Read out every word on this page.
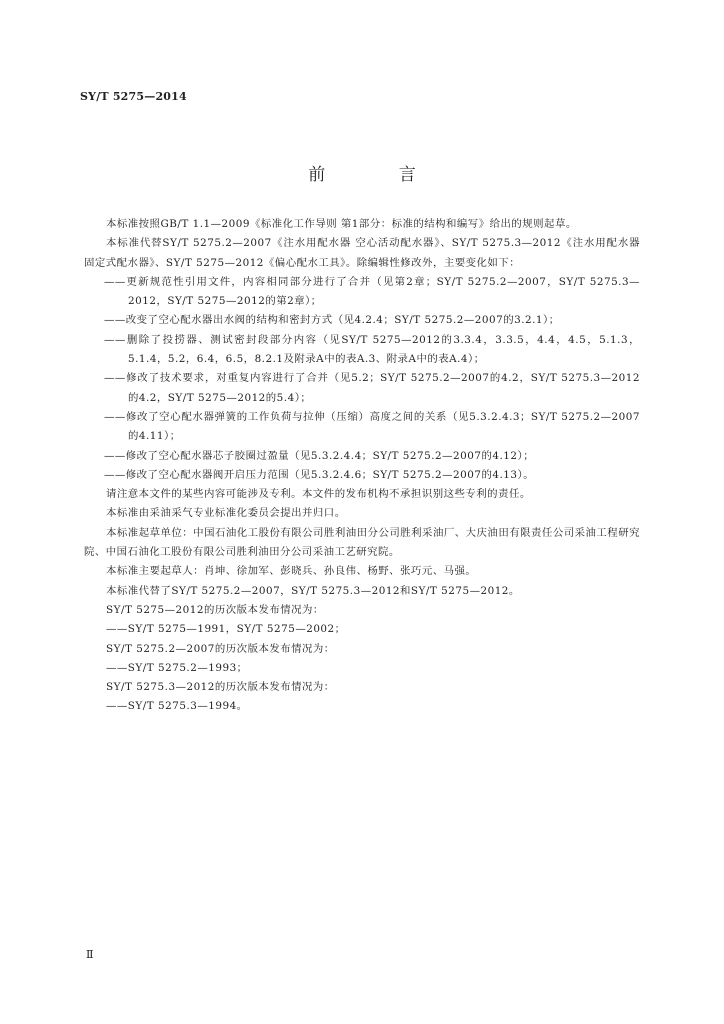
SY/T 5275—2014
前 言

本标准按照GB/T 1.1—2009《标准化工作导则 第1部分：标准的结构和编写》给出的规则起草。

本标准代替SY/T 5275.2—2007《注水用配水器 空心活动配水器》、SY/T 5275.3—2012《注水用配水器 固定式配水器》、SY/T 5275—2012《偏心配水工具》。除编辑性修改外，主要变化如下：

——更新规范性引用文件，内容相同部分进行了合并（见第2章；SY/T 5275.2—2007，SY/T 5275.3—2012，SY/T 5275—2012的第2章）；

——改变了空心配水器出水阀的结构和密封方式（见4.2.4；SY/T 5275.2—2007的3.2.1）；

——删除了投捞器、测试密封段部分内容（见SY/T 5275—2012的3.3.4，3.3.5，4.4，4.5，5.1.3，5.1.4，5.2，6.4，6.5，8.2.1及附录A中的表A.3、附录A中的表A.4）；

——修改了技术要求，对重复内容进行了合并（见5.2；SY/T 5275.2—2007的4.2，SY/T 5275.3—2012的4.2，SY/T 5275—2012的5.4）；

——修改了空心配水器弹簧的工作负荷与拉伸（压缩）高度之间的关系（见5.3.2.4.3；SY/T 5275.2—2007的4.11）；

——修改了空心配水器芯子胶圈过盈量（见5.3.2.4.4；SY/T 5275.2—2007的4.12）；

——修改了空心配水器阀开启压力范围（见5.3.2.4.6；SY/T 5275.2—2007的4.13）。

请注意本文件的某些内容可能涉及专利。本文件的发布机构不承担识别这些专利的责任。

本标准由采油采气专业标准化委员会提出并归口。

本标准起草单位：中国石油化工股份有限公司胜利油田分公司胜利采油厂、大庆油田有限责任公司采油工程研究院、中国石油化工股份有限公司胜利油田分公司采油工艺研究院。

本标准主要起草人：肖坤、徐加军、彭晓兵、孙良伟、杨野、张巧元、马强。

本标准代替了SY/T 5275.2—2007，SY/T 5275.3—2012和SY/T 5275—2012。

SY/T 5275—2012的历次版本发布情况为：

——SY/T 5275—1991，SY/T 5275—2002；

SY/T 5275.2—2007的历次版本发布情况为：

——SY/T 5275.2—1993；

SY/T 5275.3—2012的历次版本发布情况为：

——SY/T 5275.3—1994。

Ⅱ
